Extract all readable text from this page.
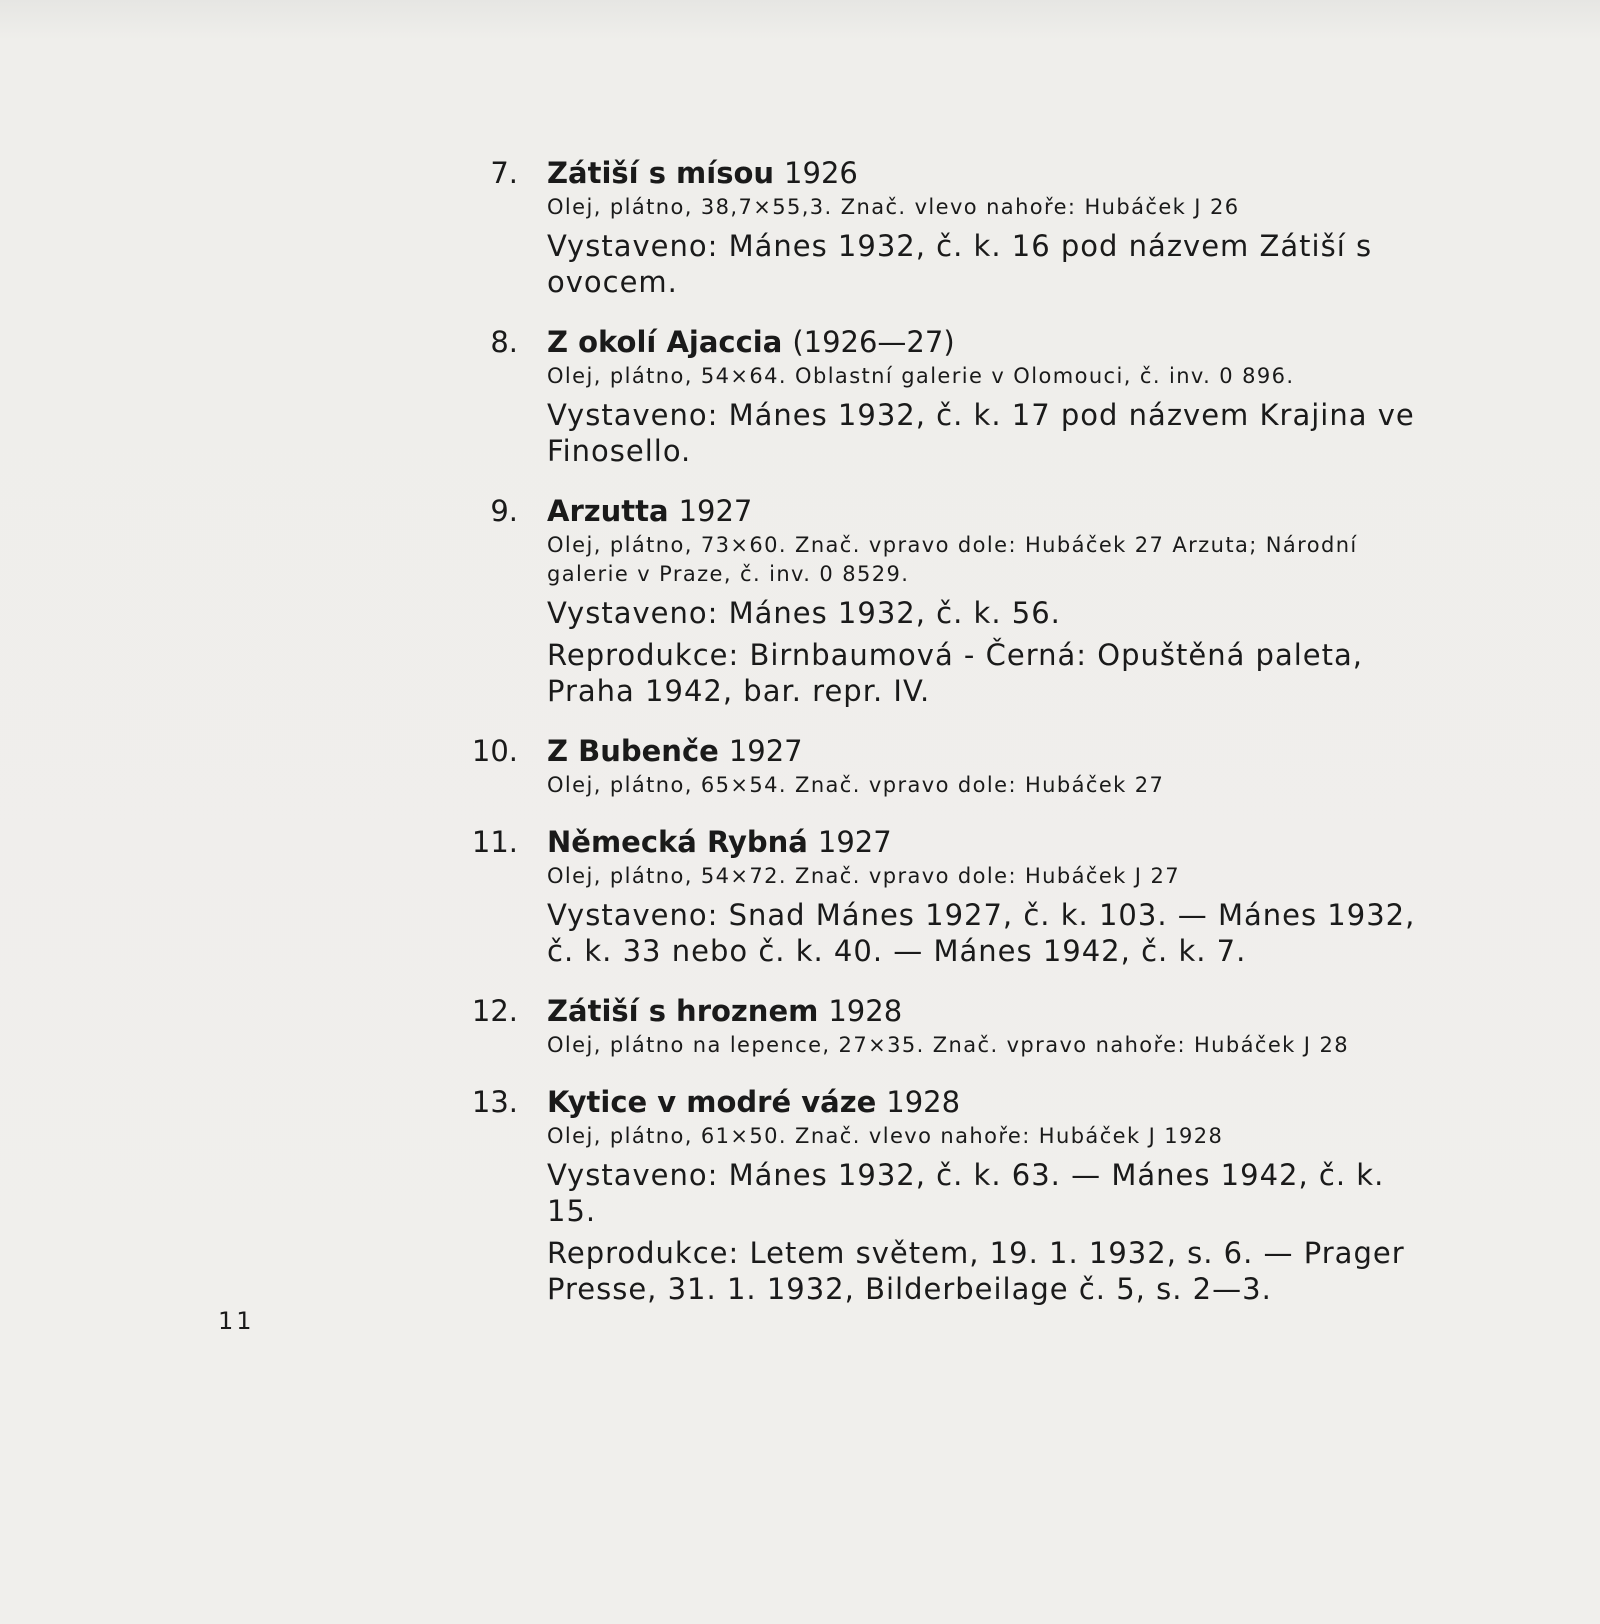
7. Zátiší s mísou 1926
Olej, plátno, 38,7×55,3. Znač. vlevo nahoře: Hubáček J 26
Vystaveno: Mánes 1932, č. k. 16 pod názvem Zátiší s ovocem.
8. Z okolí Ajaccia (1926—27)
Olej, plátno, 54×64. Oblastní galerie v Olomouci, č. inv. 0 896.
Vystaveno: Mánes 1932, č. k. 17 pod názvem Krajina ve Finosello.
9. Arzutta 1927
Olej, plátno, 73×60. Znač. vpravo dole: Hubáček 27 Arzuta; Národní galerie v Praze, č. inv. 0 8529.
Vystaveno: Mánes 1932, č. k. 56.
Reprodukce: Birnbaumová - Černá: Opuštěná paleta, Praha 1942, bar. repr. IV.
10. Z Bubenče 1927
Olej, plátno, 65×54. Znač. vpravo dole: Hubáček 27
11. Německá Rybná 1927
Olej, plátno, 54×72. Znač. vpravo dole: Hubáček J 27
Vystaveno: Snad Mánes 1927, č. k. 103. — Mánes 1932, č. k. 33 nebo č. k. 40. — Mánes 1942, č. k. 7.
12. Zátiší s hroznem 1928
Olej, plátno na lepence, 27×35. Znač. vpravo nahoře: Hubáček J 28
13. Kytice v modré váze 1928
Olej, plátno, 61×50. Znač. vlevo nahoře: Hubáček J 1928
Vystaveno: Mánes 1932, č. k. 63. — Mánes 1942, č. k. 15.
Reprodukce: Letem světem, 19. 1. 1932, s. 6. — Prager Presse, 31. 1. 1932, Bilderbeilage č. 5, s. 2—3.
11
